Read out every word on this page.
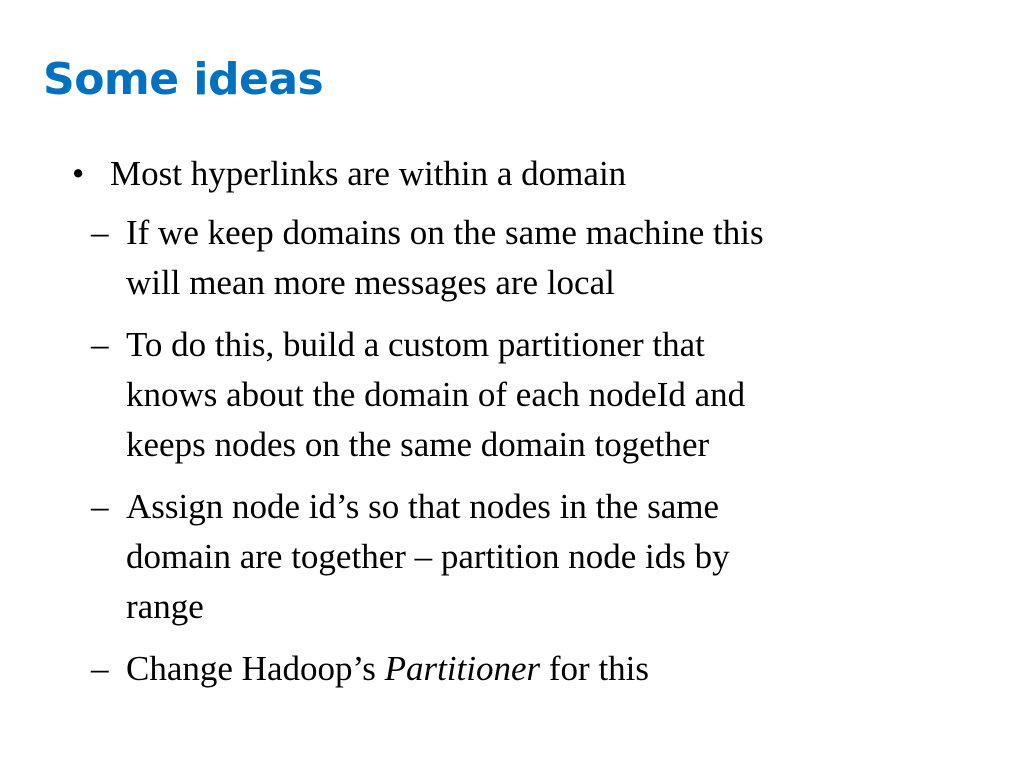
Some ideas
• Most hyperlinks are within a domain
– If we keep domains on the same machine this
will mean more messages are local
– To do this, build a custom partitioner that
knows about the domain of each nodeId and
keeps nodes on the same domain together
– Assign node id’s so that nodes in the same
domain are together – partition node ids by
range
– Change Hadoop’s Partitioner for this
